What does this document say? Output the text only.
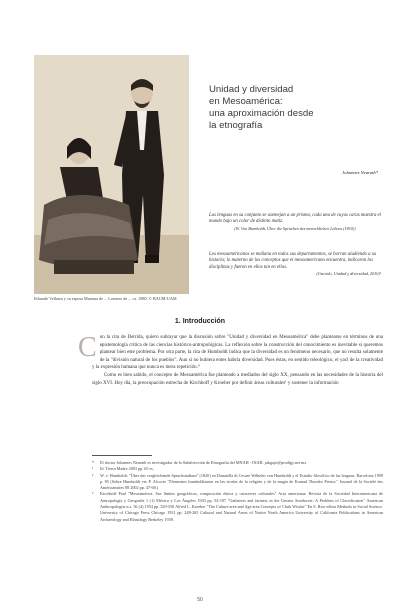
Eduardo Vellarea y su esposa Mariana de ... Lorenzo de ... ca. 1880. © BAUM-UAM
Unidad y diversidad
en Mesoamérica:
una aproximación desde
la etnografía
Johannes Neurath*
Las lenguas en su conjunto se asemejan a un prisma, cada una de cuyas caras muestra el mundo bajo un color de distinto matiz.
(W. Von Humboldt, Über die Sprachen des menschlichen Lebens (1810))
Los mesoamericanos se mañana en todos sus departamentos, se borran aludiendo a su historia; lo materno de los conceptos que el mesoamericano encuentra, indicaron los disciplinas y fueron en ellos tan en ellos.
(Garrido, Unidad y diversidad, 2010)¹
1. Introducción

Con la cita de Derrida, quiero subrayar que la discusión sobre "Unidad y diversidad en Mesoamérica" debe plantearse en términos de una epistemología crítica de las ciencias histórico-antropológicas. La reflexión sobre la construcción del conocimiento es inevitable si queremos plantear bien este problema. Por otra parte, la cita de Humboldt indica que la diversidad es un fenómeno necesario, que no resulta solamente de la "división natural de los pueblos". Aun si no hubiera entes habría diversidad. Pues éstas, en sentido teleológico, el yacl de la creatividad y la expresión humana que nunca es mera repetición.⁴

Como es bien sabido, el concepto de Mesoamérica fue planteado a mediados del siglo XX, pensando en las necesidades de la historia del siglo XVI. Hoy día, la preocupación estrecha de Kirchhoff y Kroeber por definir áreas culturales¹ y sostener la información

*	El doctor Johannes Neurath es investigador de la Subdirección de Etnografía del MNAH - INAH. jukgajo@prodigy.net.mx
¹	Id. Tierra Madre 2003 pp. 65 ss.
²	W. v. Humboldt: "Über das vergleichende Sprachstudium" [1820] en Donatella di Cesare Wilhelm von Humboldt y el Estudio filosófico de las lenguas. Barcelona 1999 p. 85 (Sobre Humboldt ver P. Alcocer "Elementos humboldtianos en las teorías de la religión y de la magia de Konrad Theodor Preuss." Journal de la Société des Américanistes 88 2002 pp. 47-68.)
³	Kirchhoff Paul "Mesoamérica. Sus límites geográficos, composición étnica y caracteres culturales" Acta americana. Revista de la Sociedad Interamericana de Antropología y Geografía 1 (1) México y Los Ángeles 1943 pp. 92-107 "Gatherers and farmers in the Greater Southwest: A Problem of Classification" American Anthropologist n.s. 56 (4) 1954 pp. 529-550 Alfred L. Kroeber "The Culture area and Age area Concepts of Clark Wissler" En S. Rice editor Methods in Social Science. University of Chicago Press Chicago 1931 pp. 248-265 Cultural and Natural Areas of Native North America University of California Publications in American Archaeology and Ethnology Berkeley 1939.
50
